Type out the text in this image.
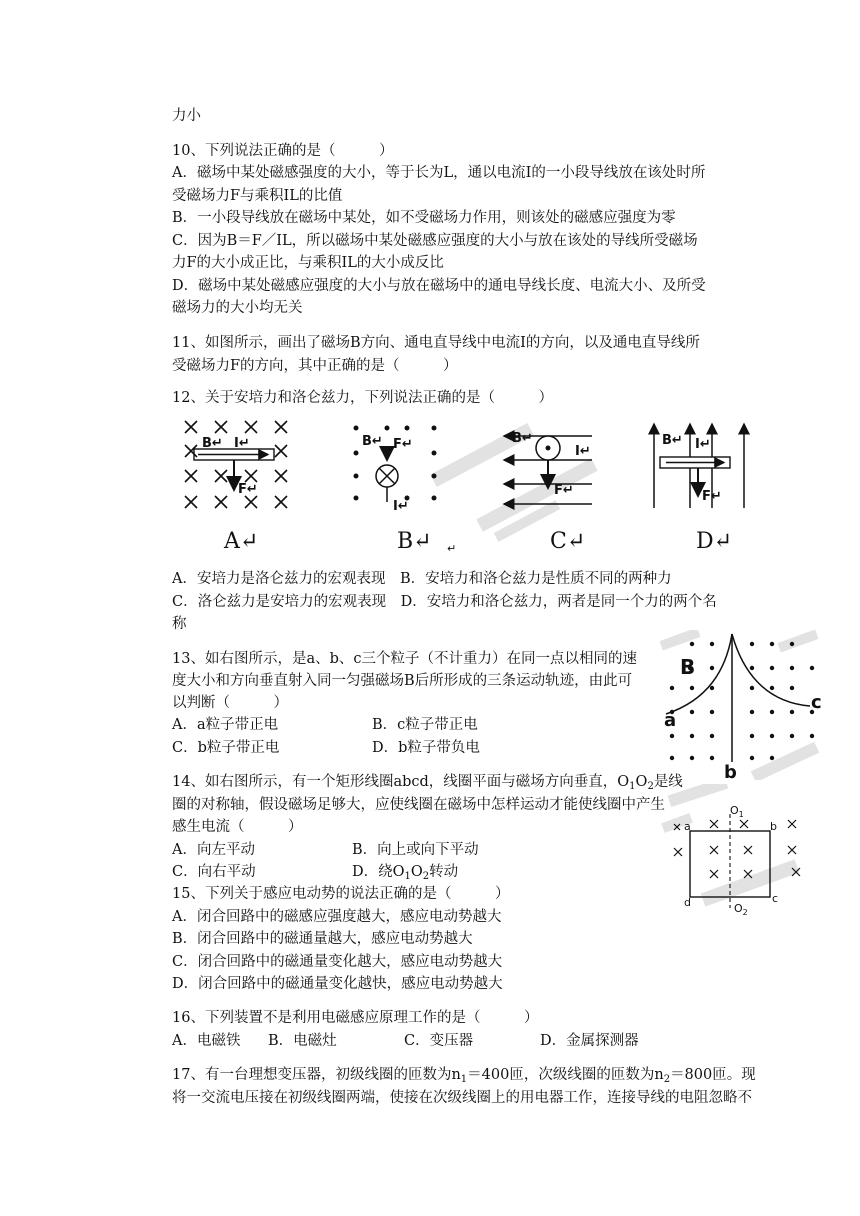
力小
10、下列说法正确的是（　　　）
A．磁场中某处磁感强度的大小，等于长为L，通以电流I的一小段导线放在该处时所
受磁场力F与乘积IL的比值
B．一小段导线放在磁场中某处，如不受磁场力作用，则该处的磁感应强度为零
C．因为B＝F／IL，所以磁场中某处磁感应强度的大小与放在该处的导线所受磁场
力F的大小成正比，与乘积IL的大小成反比
D．磁场中某处磁感应强度的大小与放在磁场中的通电导线长度、电流大小、及所受
磁场力的大小均无关
11、如图所示，画出了磁场B方向、通电直导线中电流I的方向，以及通电直导线所
受磁场力F的方向，其中正确的是（　　　）
12、关于安培力和洛仑兹力，下列说法正确的是（　　　）
B↵ I↵
F↵
A↵
B↵ F↵
I↵
B↵ ↵
B↵
I↵
F↵
C↵
B↵ I↵
F↵
D↵
A．安培力是洛仑兹力的宏观表现　B．安培力和洛仑兹力是性质不同的两种力
C．洛仑兹力是安培力的宏观表现　D．安培力和洛仑兹力，两者是同一个力的两个名
称
13、如右图所示，是a、b、c三个粒子（不计重力）在同一点以相同的速
度大小和方向垂直射入同一匀强磁场B后所形成的三条运动轨迹，由此可
以判断（　　　）
A．a粒子带正电	B．c粒子带正电
C．b粒子带正电	D．b粒子带负电
B
a
b
c
14、如右图所示，有一个矩形线圈abcd，线圈平面与磁场方向垂直，$O_1O_2$是线
圈的对称轴，假设磁场足够大，应使线圈在磁场中怎样运动才能使线圈中产生
感生电流（　　　）
A．向左平动	B．向上或向下平动
C．向右平动	D．绕$O_1O_2$转动
$O_1$
$O_2$
a	b
c
d
15、下列关于感应电动势的说法正确的是（　　　）
A．闭合回路中的磁感应强度越大，感应电动势越大
B．闭合回路中的磁通量越大，感应电动势越大
C．闭合回路中的磁通量变化越大，感应电动势越大
D．闭合回路中的磁通量变化越快，感应电动势越大
16、下列装置不是利用电磁感应原理工作的是（　　　）
A．电磁铁 B．电磁灶	C．变压器	D．金属探测器
17、有一台理想变压器，初级线圈的匝数为$n_1=400$匝，次级线圈的匝数为$n_2=800$匝。现
将一交流电压接在初级线圈两端，使接在次级线圈上的用电器工作，连接导线的电阻忽略不
